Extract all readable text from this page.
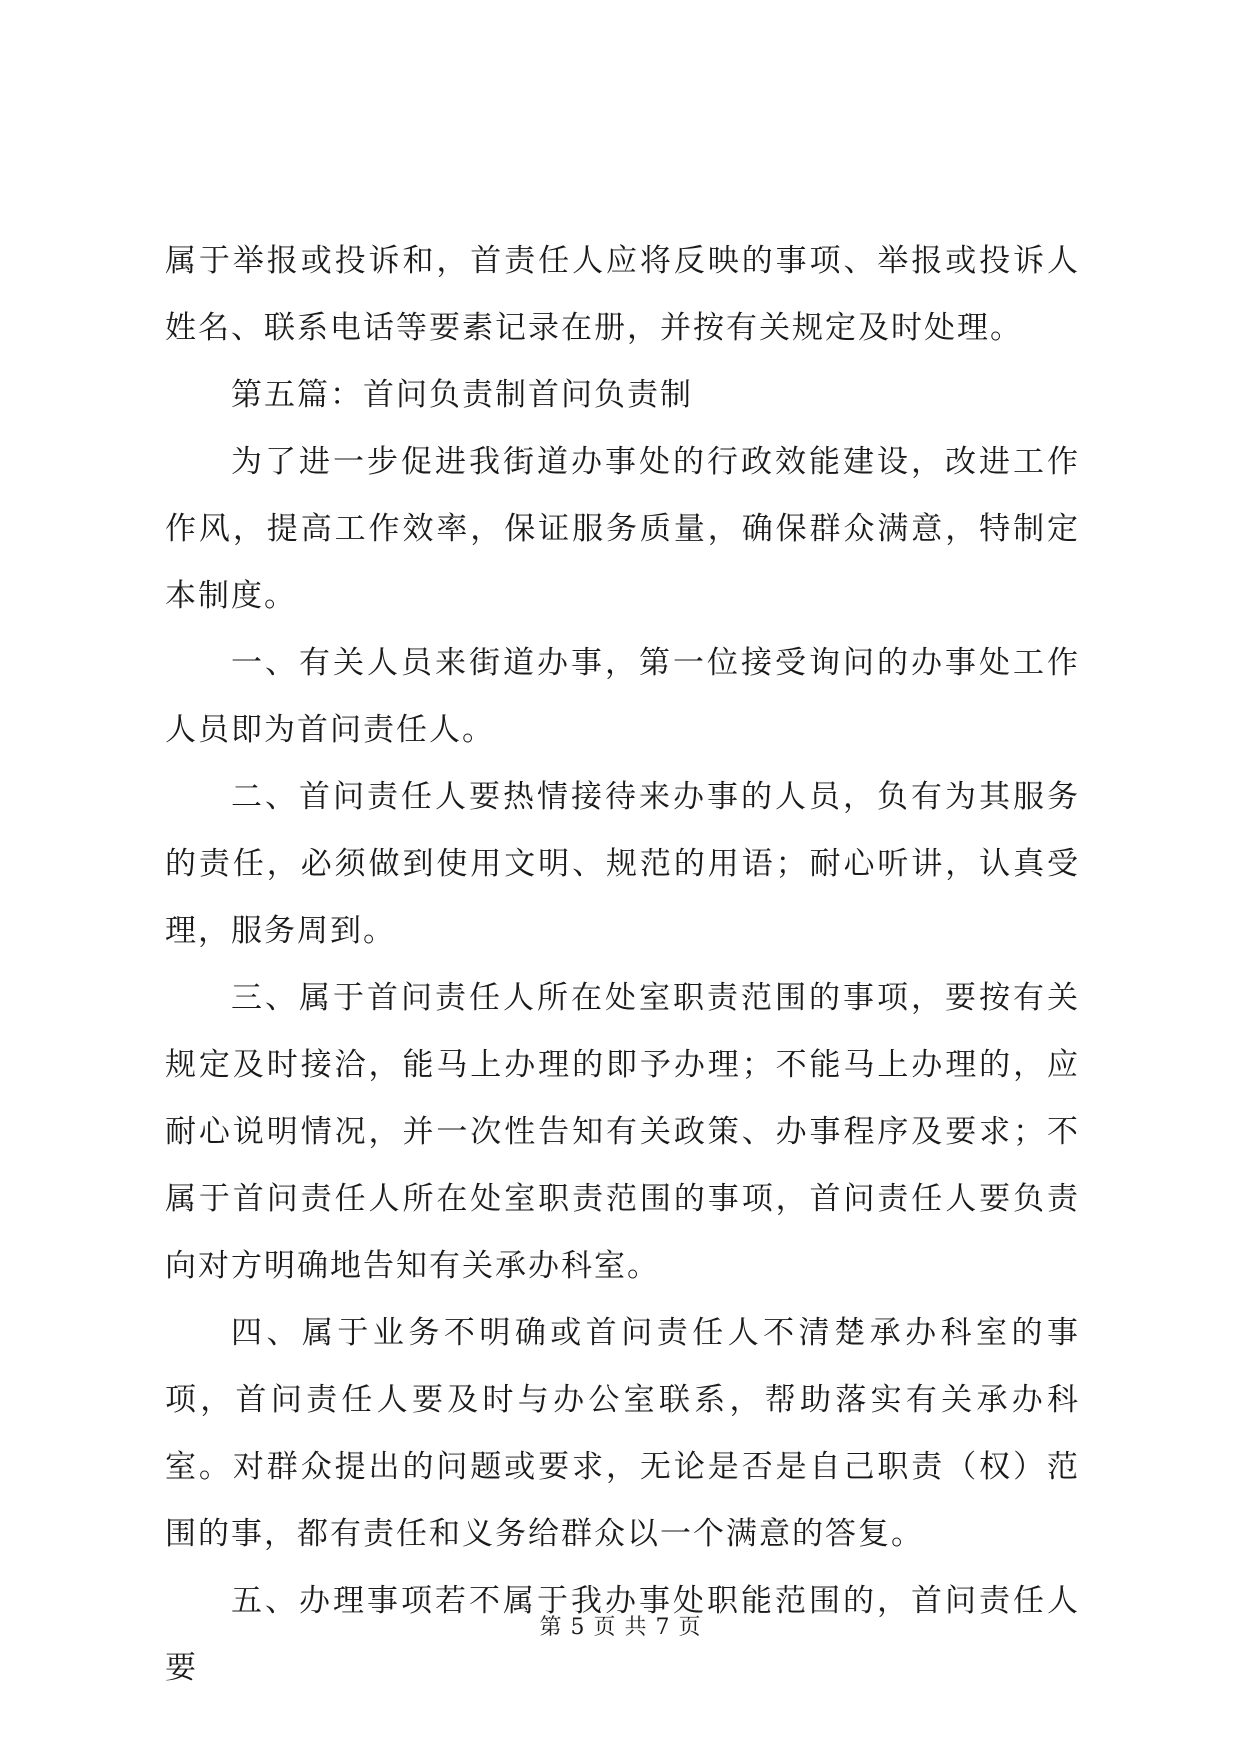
属于举报或投诉和，首责任人应将反映的事项、举报或投诉人姓名、联系电话等要素记录在册，并按有关规定及时处理。

第五篇：首问负责制首问负责制

为了进一步促进我街道办事处的行政效能建设，改进工作作风，提高工作效率，保证服务质量，确保群众满意，特制定本制度。

一、有关人员来街道办事，第一位接受询问的办事处工作人员即为首问责任人。

二、首问责任人要热情接待来办事的人员，负有为其服务的责任，必须做到使用文明、规范的用语；耐心听讲，认真受理，服务周到。

三、属于首问责任人所在处室职责范围的事项，要按有关规定及时接洽，能马上办理的即予办理；不能马上办理的，应耐心说明情况，并一次性告知有关政策、办事程序及要求；不属于首问责任人所在处室职责范围的事项，首问责任人要负责向对方明确地告知有关承办科室。

四、属于业务不明确或首问责任人不清楚承办科室的事项，首问责任人要及时与办公室联系，帮助落实有关承办科室。对群众提出的问题或要求，无论是否是自己职责（权）范围的事，都有责任和义务给群众以一个满意的答复。

五、办理事项若不属于我办事处职能范围的，首问责任人要

第 5 页 共 7 页
